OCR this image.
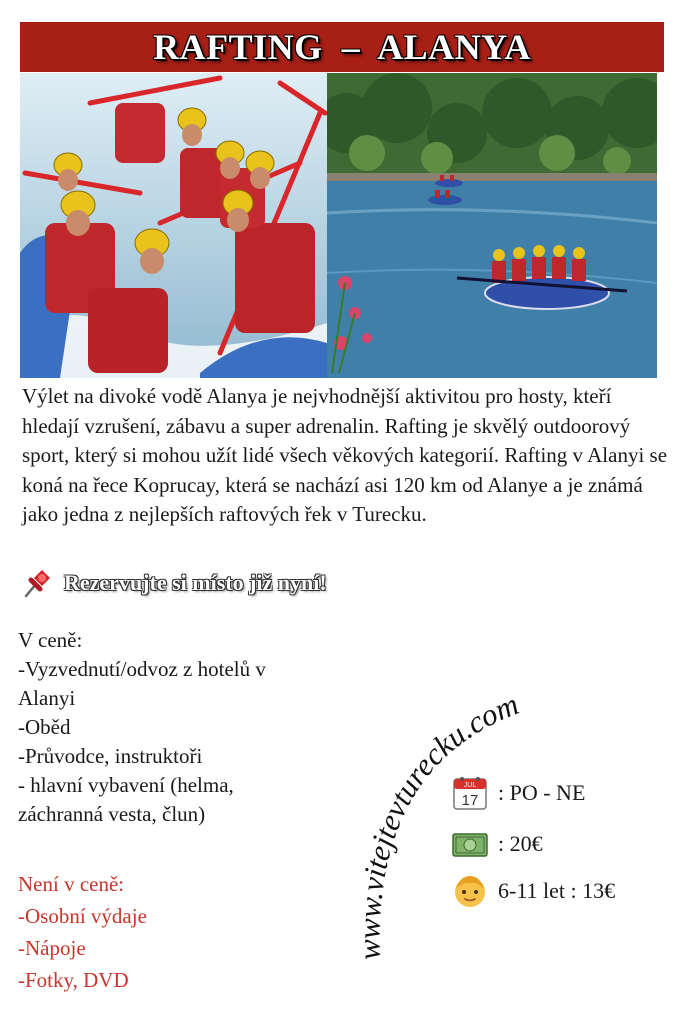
RAFTING  –  ALANYA

Výlet na divoké vodě Alanya je nejvhodnější aktivitou pro hosty, kteří hledají vzrušení, zábavu a super adrenalin. Rafting je skvělý outdoorový sport, který si mohou užít lidé všech věkových kategorií. Rafting v Alanyi se koná na řece Koprucay, která se nachází asi 120 km od Alanye a je známá jako jedna z nejlepších raftových řek v Turecku.

Rezervujte si místo již nyní!
V ceně:
-Vyzvednutí/odvoz z hotelů v
Alanyi
-Oběd
-Průvodce, instruktoři
- hlavní vybavení (helma,
záchranná vesta, člun)
Není v ceně:
-Osobní výdaje
-Nápoje
-Fotky, DVD
www.vitejtevturecku.com
JUL
17 : PO - NE
: 20€
6-11 let : 13€
